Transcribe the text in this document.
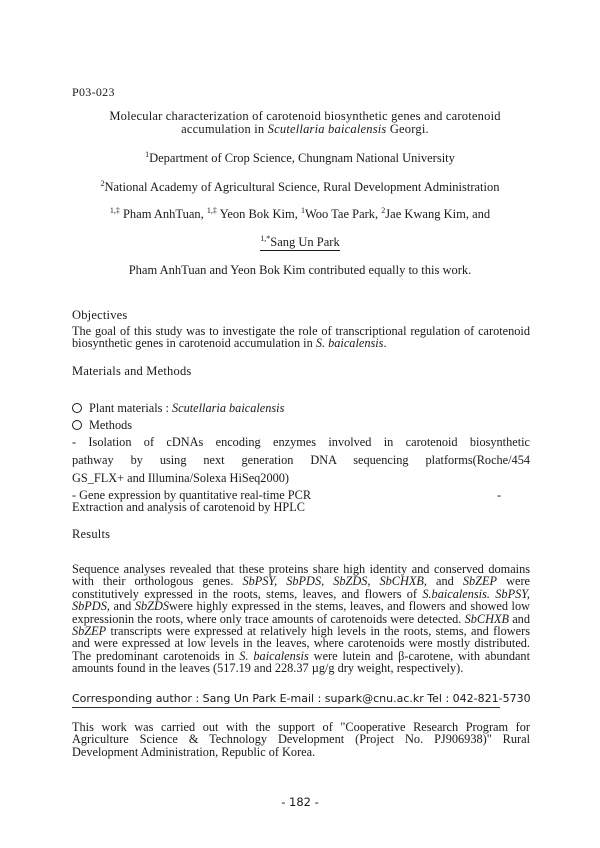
P03-023
Molecular characterization of carotenoid biosynthetic genes and carotenoid
accumulation in Scutellaria baicalensis Georgi.
$^1$Department of Crop Science, Chungnam National University
$^2$National Academy of Agricultural Science, Rural Development Administration
$^{1,\ddagger}$ Pham AnhTuan, $^{1,\ddagger}$ Yeon Bok Kim, $^1$Woo Tae Park, $^2$Jae Kwang Kim, and
$^{1,*}$Sang Un Park
Pham AnhTuan and Yeon Bok Kim contributed equally to this work.
Objectives
The goal of this study was to investigate the role of transcriptional regulation of carotenoid biosynthetic genes in carotenoid accumulation in S. baicalensis.
Materials and Methods
Plant materials : Scutellaria baicalensis
Methods
- Isolation of cDNAs encoding enzymes involved in carotenoid biosynthetic
pathway by using next generation DNA sequencing platforms(Roche/454
GS_FLX+ and Illumina/Solexa HiSeq2000)
- Gene expression by quantitative real-time PCR	-
Extraction and analysis of carotenoid by HPLC
Results
Sequence analyses revealed that these proteins share high identity and conserved domains with their orthologous genes. SbPSY, SbPDS, SbZDS, SbCHXB, and SbZEP were constitutively expressed in the roots, stems, leaves, and flowers of S.baicalensis. SbPSY, SbPDS, and SbZDSwere highly expressed in the stems, leaves, and flowers and showed low expressionin the roots, where only trace amounts of carotenoids were detected. SbCHXB and SbZEP transcripts were expressed at relatively high levels in the roots, stems, and flowers and were expressed at low levels in the leaves, where carotenoids were mostly distributed. The predominant carotenoids in S. baicalensis were lutein and β-carotene, with abundant amounts found in the leaves (517.19 and 228.37 µg/g dry weight, respectively).
Corresponding author : Sang Un Park E-mail : supark@cnu.ac.kr Tel : 042-821-5730
This work was carried out with the support of "Cooperative Research Program for Agriculture Science & Technology Development (Project No. PJ906938)" Rural Development Administration, Republic of Korea.
- 182 -
